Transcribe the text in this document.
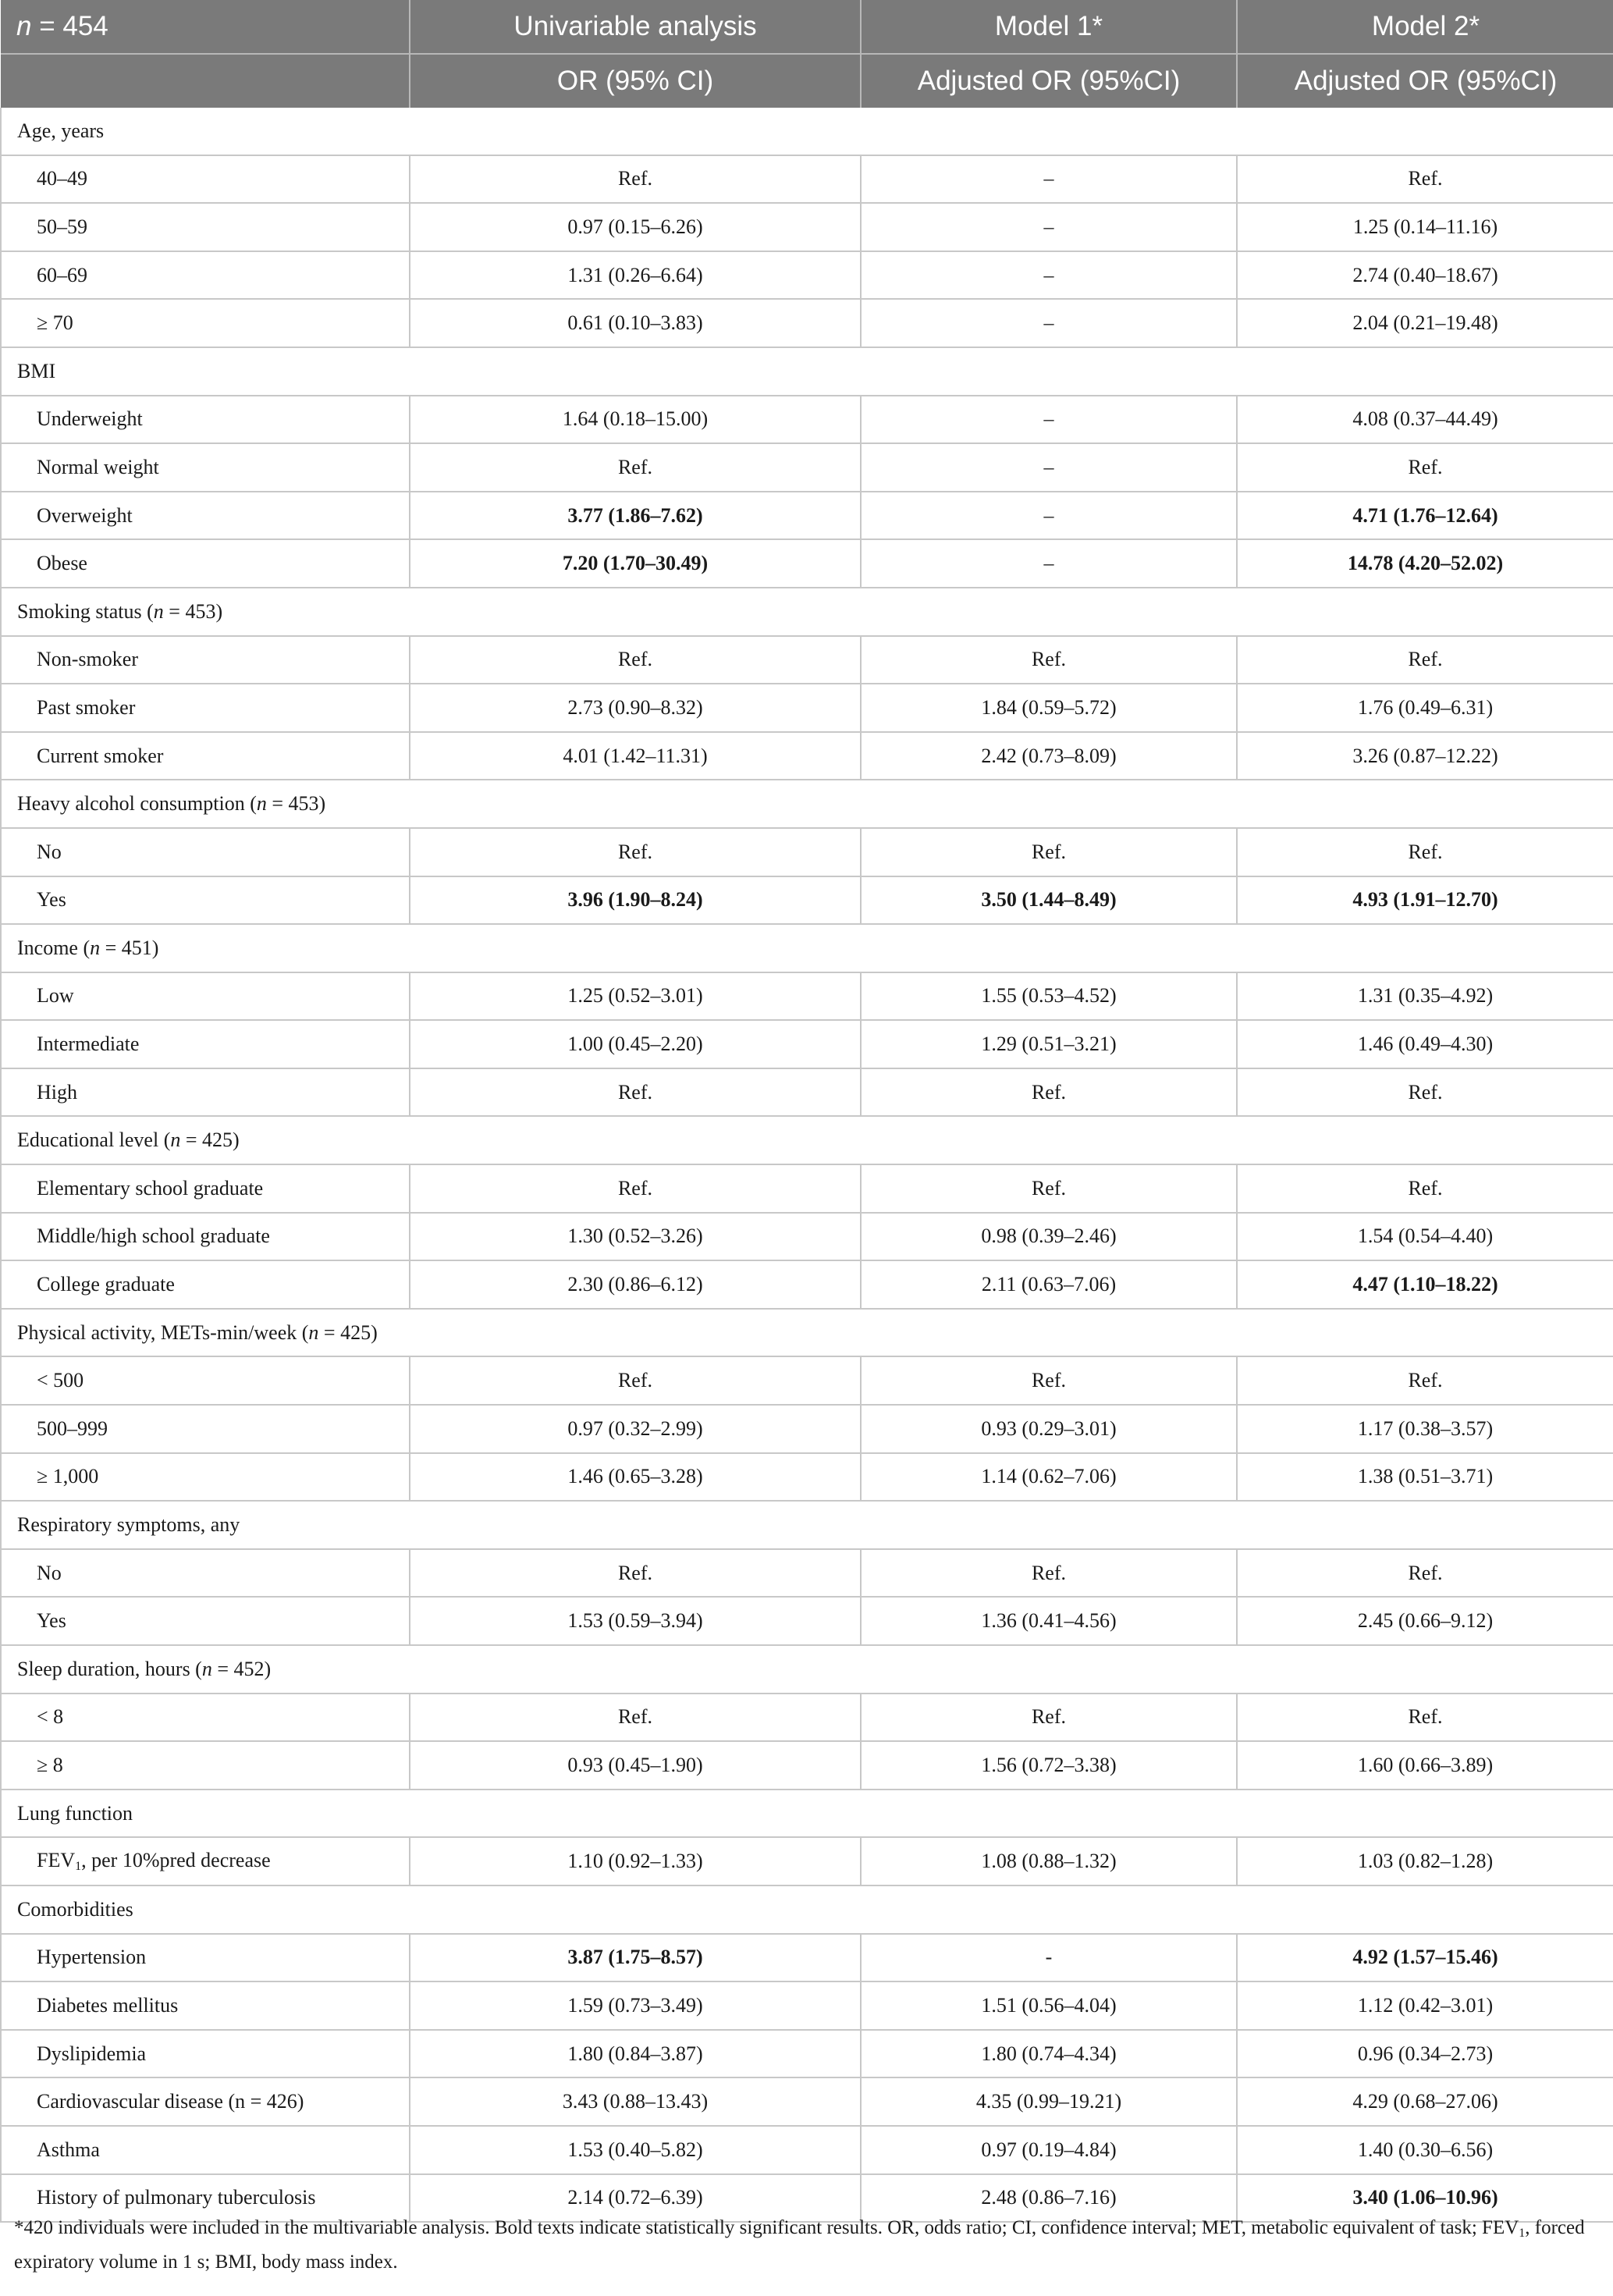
n = 454	Univariable analysis	Model 1*	Model 2*
	OR (95% CI)	Adjusted OR (95%CI)	Adjusted OR (95%CI)
Age, years			
40–49	Ref.	–	Ref.
50–59	0.97 (0.15–6.26)	–	1.25 (0.14–11.16)
60–69	1.31 (0.26–6.64)	–	2.74 (0.40–18.67)
≥ 70	0.61 (0.10–3.83)	–	2.04 (0.21–19.48)
BMI			
Underweight	1.64 (0.18–15.00)	–	4.08 (0.37–44.49)
Normal weight	Ref.	–	Ref.
Overweight	3.77 (1.86–7.62)	–	4.71 (1.76–12.64)
Obese	7.20 (1.70–30.49)	–	14.78 (4.20–52.02)
Smoking status (n = 453)			
Non-smoker	Ref.	Ref.	Ref.
Past smoker	2.73 (0.90–8.32)	1.84 (0.59–5.72)	1.76 (0.49–6.31)
Current smoker	4.01 (1.42–11.31)	2.42 (0.73–8.09)	3.26 (0.87–12.22)
Heavy alcohol consumption (n = 453)			
No	Ref.	Ref.	Ref.
Yes	3.96 (1.90–8.24)	3.50 (1.44–8.49)	4.93 (1.91–12.70)
Income (n = 451)			
Low	1.25 (0.52–3.01)	1.55 (0.53–4.52)	1.31 (0.35–4.92)
Intermediate	1.00 (0.45–2.20)	1.29 (0.51–3.21)	1.46 (0.49–4.30)
High	Ref.	Ref.	Ref.
Educational level (n = 425)			
Elementary school graduate	Ref.	Ref.	Ref.
Middle/high school graduate	1.30 (0.52–3.26)	0.98 (0.39–2.46)	1.54 (0.54–4.40)
College graduate	2.30 (0.86–6.12)	2.11 (0.63–7.06)	4.47 (1.10–18.22)
Physical activity, METs-min/week (n = 425)			
< 500	Ref.	Ref.	Ref.
500–999	0.97 (0.32–2.99)	0.93 (0.29–3.01)	1.17 (0.38–3.57)
≥ 1,000	1.46 (0.65–3.28)	1.14 (0.62–7.06)	1.38 (0.51–3.71)
Respiratory symptoms, any			
No	Ref.	Ref.	Ref.
Yes	1.53 (0.59–3.94)	1.36 (0.41–4.56)	2.45 (0.66–9.12)
Sleep duration, hours (n = 452)			
< 8	Ref.	Ref.	Ref.
≥ 8	0.93 (0.45–1.90)	1.56 (0.72–3.38)	1.60 (0.66–3.89)
Lung function			
$FEV_1$, per 10%pred decrease	1.10 (0.92–1.33)	1.08 (0.88–1.32)	1.03 (0.82–1.28)
Comorbidities			
Hypertension	3.87 (1.75–8.57)	-	4.92 (1.57–15.46)
Diabetes mellitus	1.59 (0.73–3.49)	1.51 (0.56–4.04)	1.12 (0.42–3.01)
Dyslipidemia	1.80 (0.84–3.87)	1.80 (0.74–4.34)	0.96 (0.34–2.73)
Cardiovascular disease (n = 426)	3.43 (0.88–13.43)	4.35 (0.99–19.21)	4.29 (0.68–27.06)
Asthma	1.53 (0.40–5.82)	0.97 (0.19–4.84)	1.40 (0.30–6.56)
History of pulmonary tuberculosis	2.14 (0.72–6.39)	2.48 (0.86–7.16)	3.40 (1.06–10.96)
*420 individuals were included in the multivariable analysis. Bold texts indicate statistically significant results. OR, odds ratio; CI, confidence interval; MET, metabolic equivalent of task; $FEV_1$, forced expiratory volume in 1 s; BMI, body mass index.
